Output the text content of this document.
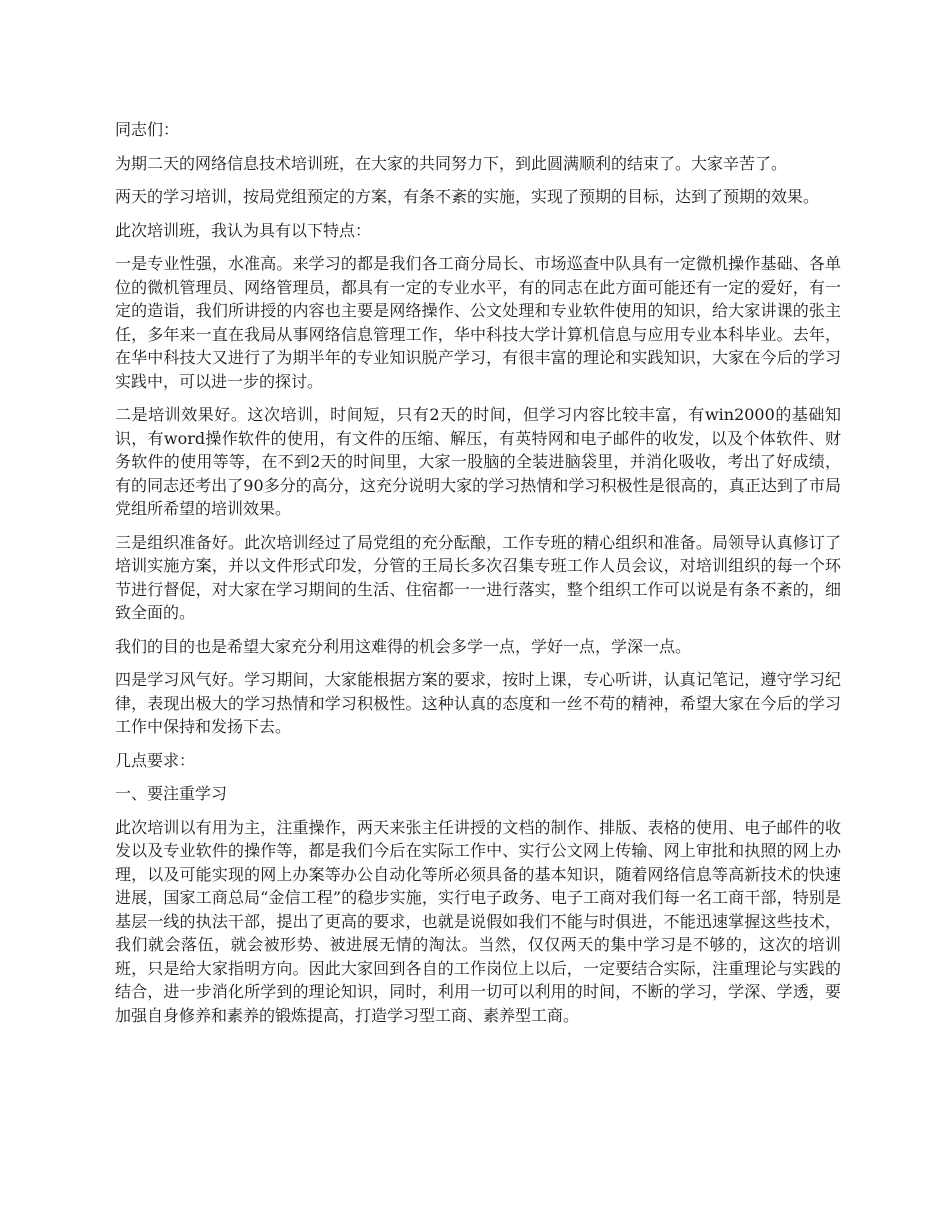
同志们：

为期二天的网络信息技术培训班，在大家的共同努力下，到此圆满顺利的结束了。大家辛苦了。

两天的学习培训，按局党组预定的方案，有条不紊的实施，实现了预期的目标，达到了预期的效果。

此次培训班，我认为具有以下特点：

一是专业性强，水准高。来学习的都是我们各工商分局长、市场巡查中队具有一定微机操作基础、各单位的微机管理员、网络管理员，都具有一定的专业水平，有的同志在此方面可能还有一定的爱好，有一定的造诣，我们所讲授的内容也主要是网络操作、公文处理和专业软件使用的知识，给大家讲课的张主任，多年来一直在我局从事网络信息管理工作，华中科技大学计算机信息与应用专业本科毕业。去年，在华中科技大又进行了为期半年的专业知识脱产学习，有很丰富的理论和实践知识，大家在今后的学习实践中，可以进一步的探讨。

二是培训效果好。这次培训，时间短，只有2天的时间，但学习内容比较丰富，有win2000的基础知识，有word操作软件的使用，有文件的压缩、解压，有英特网和电子邮件的收发，以及个体软件、财务软件的使用等等，在不到2天的时间里，大家一股脑的全装进脑袋里，并消化吸收，考出了好成绩，有的同志还考出了90多分的高分，这充分说明大家的学习热情和学习积极性是很高的，真正达到了市局党组所希望的培训效果。

三是组织准备好。此次培训经过了局党组的充分酝酿，工作专班的精心组织和准备。局领导认真修订了培训实施方案，并以文件形式印发，分管的王局长多次召集专班工作人员会议，对培训组织的每一个环节进行督促，对大家在学习期间的生活、住宿都一一进行落实，整个组织工作可以说是有条不紊的，细致全面的。

我们的目的也是希望大家充分利用这难得的机会多学一点，学好一点，学深一点。

四是学习风气好。学习期间，大家能根据方案的要求，按时上课，专心听讲，认真记笔记，遵守学习纪律，表现出极大的学习热情和学习积极性。这种认真的态度和一丝不苟的精神，希望大家在今后的学习工作中保持和发扬下去。

几点要求：

一、要注重学习

此次培训以有用为主，注重操作，两天来张主任讲授的文档的制作、排版、表格的使用、电子邮件的收发以及专业软件的操作等，都是我们今后在实际工作中、实行公文网上传输、网上审批和执照的网上办理，以及可能实现的网上办案等办公自动化等所必须具备的基本知识，随着网络信息等高新技术的快速进展，国家工商总局“金信工程”的稳步实施，实行电子政务、电子工商对我们每一名工商干部，特别是基层一线的执法干部，提出了更高的要求，也就是说假如我们不能与时俱进，不能迅速掌握这些技术，我们就会落伍，就会被形势、被进展无情的淘汰。当然，仅仅两天的集中学习是不够的，这次的培训班，只是给大家指明方向。因此大家回到各自的工作岗位上以后，一定要结合实际，注重理论与实践的结合，进一步消化所学到的理论知识，同时，利用一切可以利用的时间，不断的学习，学深、学透，要加强自身修养和素养的锻炼提高，打造学习型工商、素养型工商。
